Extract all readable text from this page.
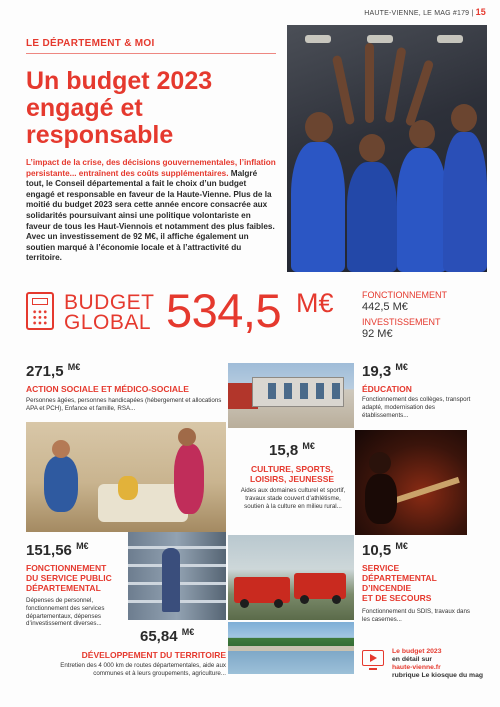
HAUTE-VIENNE, LE MAG #179 | 15
LE DÉPARTEMENT & MOI
Un budget 2023
engagé et
responsable

L’impact de la crise, des décisions gouvernementales, l’inflation persistante... entraînent des coûts supplémentaires. Malgré tout, le Conseil départemental a fait le choix d’un budget engagé et responsable en faveur de la Haute-Vienne. Plus de la moitié du budget 2023 sera cette année encore consacrée aux solidarités poursuivant ainsi une politique volontariste en faveur de tous les Haut-Viennois et notamment des plus faibles. Avec un investissement de 92 M€, il affiche également un soutien marqué à l’économie locale et à l’attractivité du territoire.

BUDGET
GLOBAL 534,5 M€	FONCTIONNEMENT
442,5 M€
INVESTISSEMENT
92 M€
271,5 $^{M€}$
ACTION SOCIALE ET MÉDICO-SOCIALE
Personnes âgées, personnes handicapées (hébergement et allocations APA et PCH), Enfance et famille, RSA...
19,3 $^{M€}$
ÉDUCATION
Fonctionnement des collèges, transport adapté, modernisation des établissements...
15,8 $^{M€}$
CULTURE, SPORTS,
LOISIRS, JEUNESSE
Aides aux domaines culturel et sportif, travaux stade couvert d’athlétisme, soutien à la culture en milieu rural...
151,56 $^{M€}$
FONCTIONNEMENT
DU SERVICE PUBLIC
DÉPARTEMENTAL
Dépenses de personnel, fonctionnement des services départementaux, dépenses d’investissement diverses...
10,5 $^{M€}$
SERVICE
DÉPARTEMENTAL
D’INCENDIE
ET DE SECOURS
Fonctionnement du SDIS, travaux dans les casernes...
65,84 $^{M€}$
DÉVELOPPEMENT DU TERRITOIRE
Entretien des 4 000 km de routes départementales, aide aux communes et à leurs groupements, agriculture...
Le budget 2023
en détail sur
haute-vienne.fr
rubrique Le kiosque du mag
